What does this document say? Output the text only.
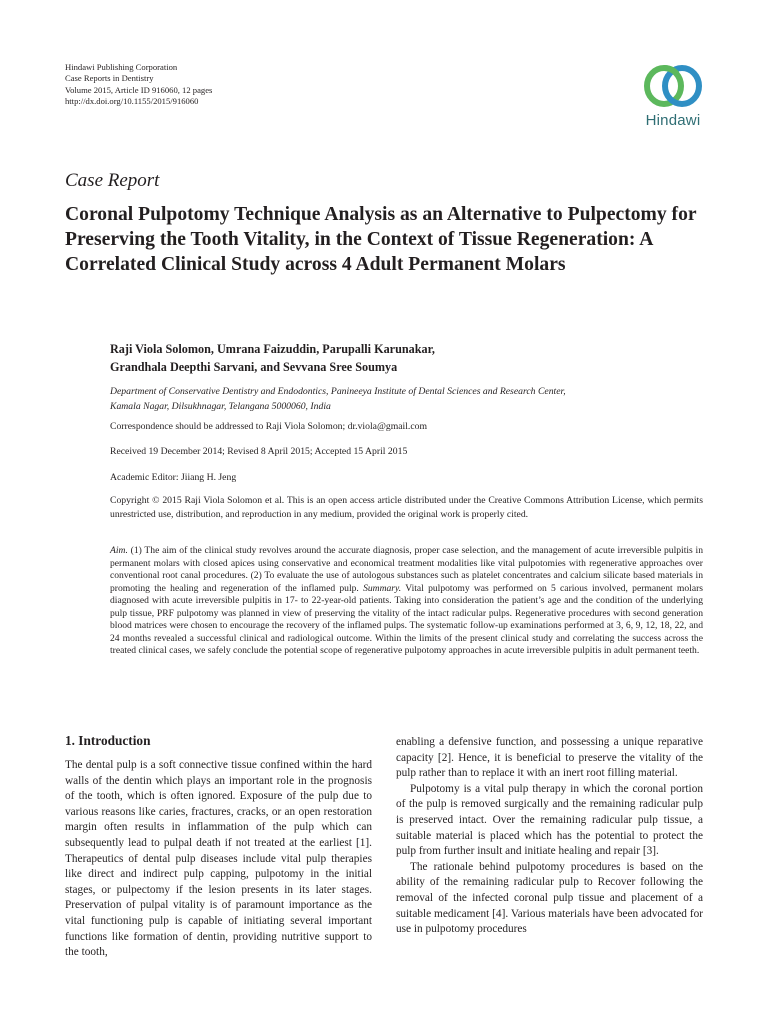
Hindawi Publishing Corporation
Case Reports in Dentistry
Volume 2015, Article ID 916060, 12 pages
http://dx.doi.org/10.1155/2015/916060
Hindawi
Case Report
Coronal Pulpotomy Technique Analysis as an Alternative to Pulpectomy for Preserving the Tooth Vitality, in the Context of Tissue Regeneration: A Correlated Clinical Study across 4 Adult Permanent Molars
Raji Viola Solomon, Umrana Faizuddin, Parupalli Karunakar,
Grandhala Deepthi Sarvani, and Sevvana Sree Soumya
Department of Conservative Dentistry and Endodontics, Panineeya Institute of Dental Sciences and Research Center,
Kamala Nagar, Dilsukhnagar, Telangana 5000060, India
Correspondence should be addressed to Raji Viola Solomon; dr.viola@gmail.com
Received 19 December 2014; Revised 8 April 2015; Accepted 15 April 2015
Academic Editor: Jiiang H. Jeng
Copyright © 2015 Raji Viola Solomon et al. This is an open access article distributed under the Creative Commons Attribution License, which permits unrestricted use, distribution, and reproduction in any medium, provided the original work is properly cited.
Aim. (1) The aim of the clinical study revolves around the accurate diagnosis, proper case selection, and the management of acute irreversible pulpitis in permanent molars with closed apices using conservative and economical treatment modalities like vital pulpotomies with regenerative approaches over conventional root canal procedures. (2) To evaluate the use of autologous substances such as platelet concentrates and calcium silicate based materials in promoting the healing and regeneration of the inflamed pulp. Summary. Vital pulpotomy was performed on 5 carious involved, permanent molars diagnosed with acute irreversible pulpitis in 17- to 22-year-old patients. Taking into consideration the patient’s age and the condition of the underlying pulp tissue, PRF pulpotomy was planned in view of preserving the vitality of the intact radicular pulps. Regenerative procedures with second generation blood matrices were chosen to encourage the recovery of the inflamed pulps. The systematic follow-up examinations performed at 3, 6, 9, 12, 18, 22, and 24 months revealed a successful clinical and radiological outcome. Within the limits of the present clinical study and correlating the success across the treated clinical cases, we safely conclude the potential scope of regenerative pulpotomy approaches in acute irreversible pulpitis in adult permanent teeth.
1. Introduction

The dental pulp is a soft connective tissue confined within the hard walls of the dentin which plays an important role in the prognosis of the tooth, which is often ignored. Exposure of the pulp due to various reasons like caries, fractures, cracks, or an open restoration margin often results in inflammation of the pulp which can subsequently lead to pulpal death if not treated at the earliest [1]. Therapeutics of dental pulp diseases include vital pulp therapies like direct and indirect pulp capping, pulpotomy in the initial stages, or pulpectomy if the lesion presents in its later stages. Preservation of pulpal vitality is of paramount importance as the vital functioning pulp is capable of initiating several important functions like formation of dentin, providing nutritive support to the tooth,

enabling a defensive function, and possessing a unique reparative capacity [2]. Hence, it is beneficial to preserve the vitality of the pulp rather than to replace it with an inert root filling material.

Pulpotomy is a vital pulp therapy in which the coronal portion of the pulp is removed surgically and the remaining radicular pulp is preserved intact. Over the remaining radicular pulp tissue, a suitable material is placed which has the potential to protect the pulp from further insult and initiate healing and repair [3].

The rationale behind pulpotomy procedures is based on the ability of the remaining radicular pulp to Recover following the removal of the infected coronal pulp tissue and placement of a suitable medicament [4]. Various materials have been advocated for use in pulpotomy procedures
